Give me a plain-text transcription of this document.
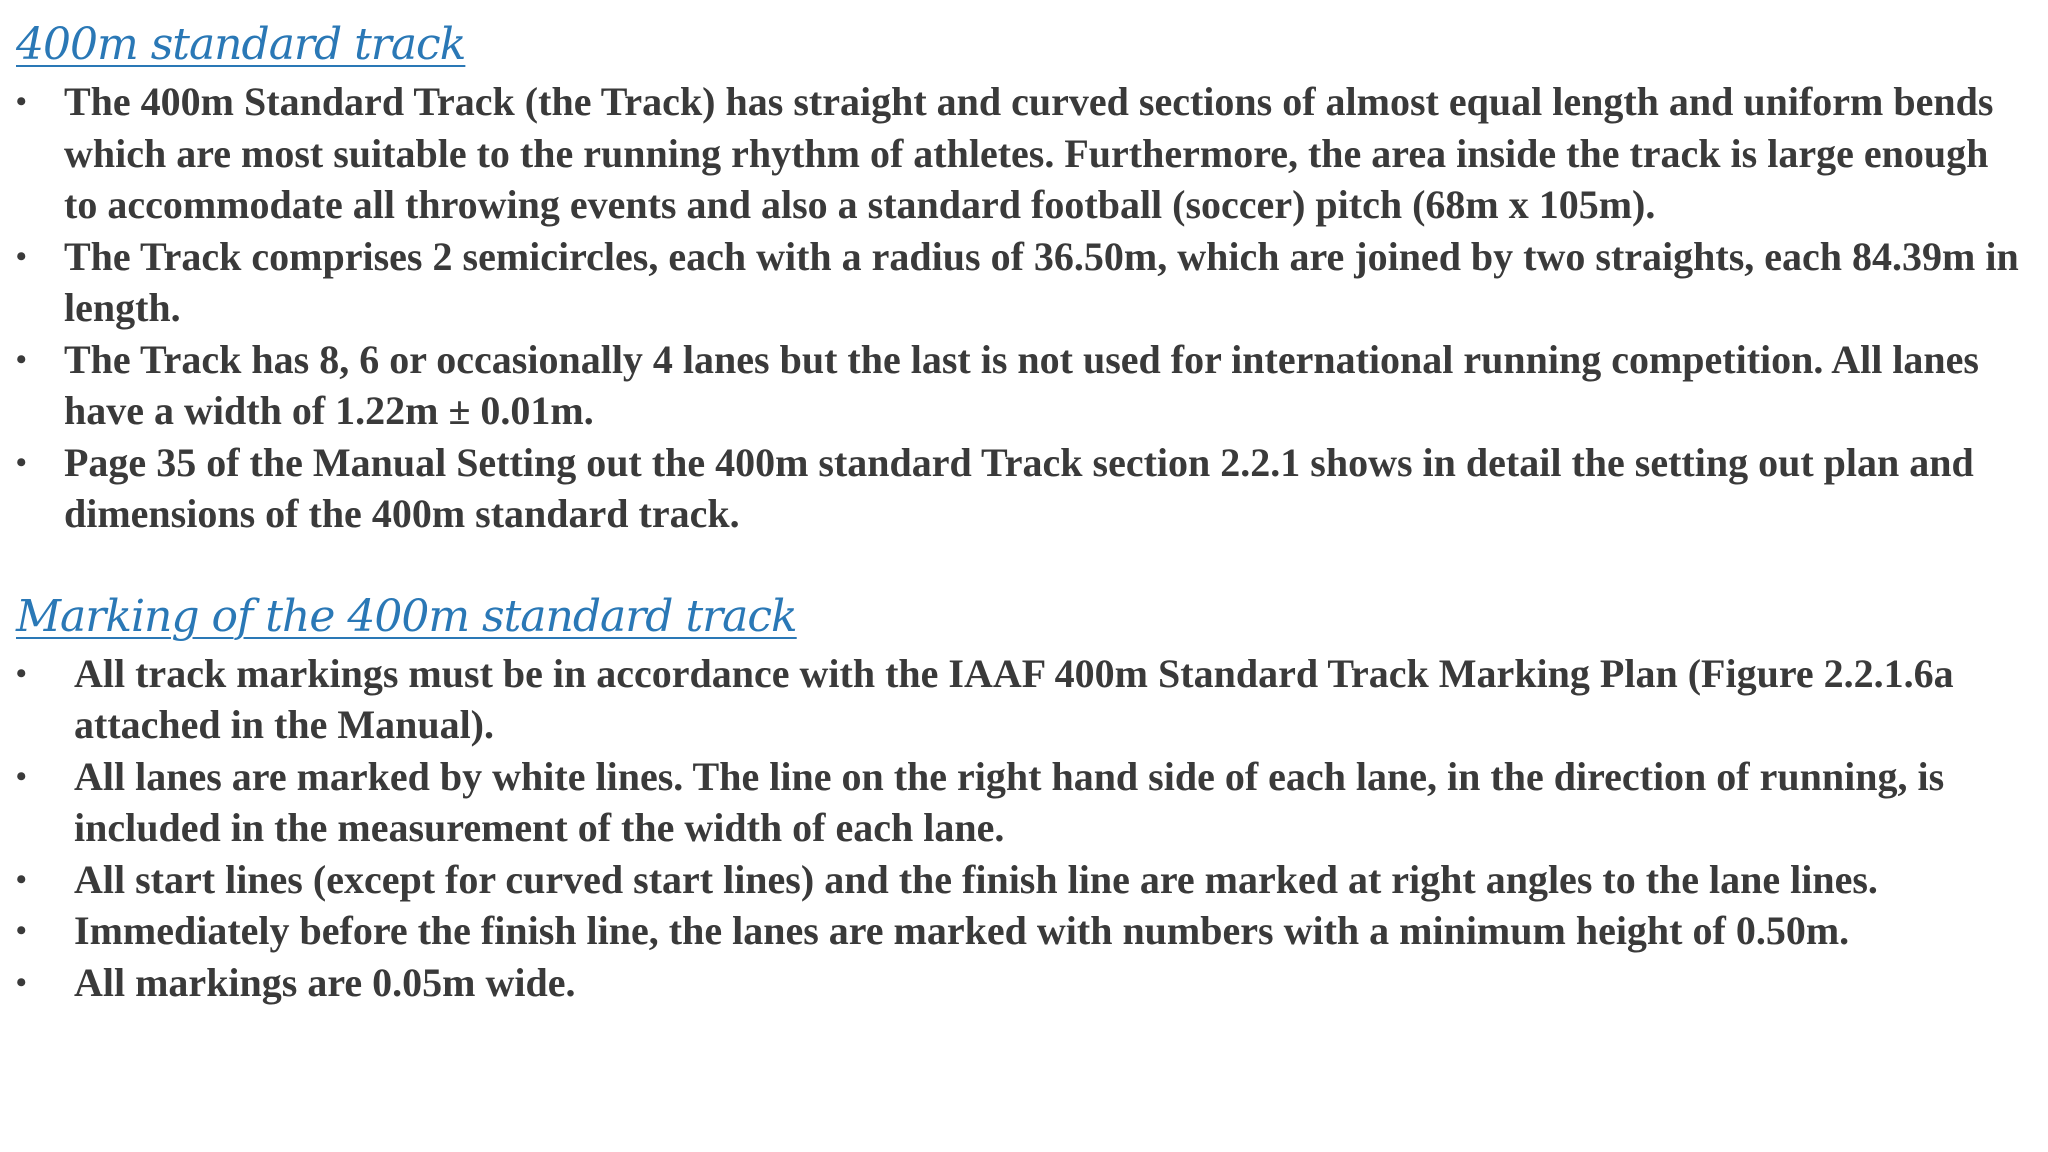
400m standard track
• The 400m Standard Track (the Track) has straight and curved sections of almost equal length and uniform bends which are most suitable to the running rhythm of athletes. Furthermore, the area inside the track is large enough to accommodate all throwing events and also a standard football (soccer) pitch (68m x 105m).
• The Track comprises 2 semicircles, each with a radius of 36.50m, which are joined by two straights, each 84.39m in length.
• The Track has 8, 6 or occasionally 4 lanes but the last is not used for international running competition. All lanes have a width of 1.22m ± 0.01m.
• Page 35 of the Manual Setting out the 400m standard Track section 2.2.1 shows in detail the setting out plan and dimensions of the 400m standard track.
Marking of the 400m standard track
• All track markings must be in accordance with the IAAF 400m Standard Track Marking Plan (Figure 2.2.1.6a attached in the Manual).
• All lanes are marked by white lines. The line on the right hand side of each lane, in the direction of running, is included in the measurement of the width of each lane.
• All start lines (except for curved start lines) and the finish line are marked at right angles to the lane lines.
• Immediately before the finish line, the lanes are marked with numbers with a minimum height of 0.50m.
• All markings are 0.05m wide.
